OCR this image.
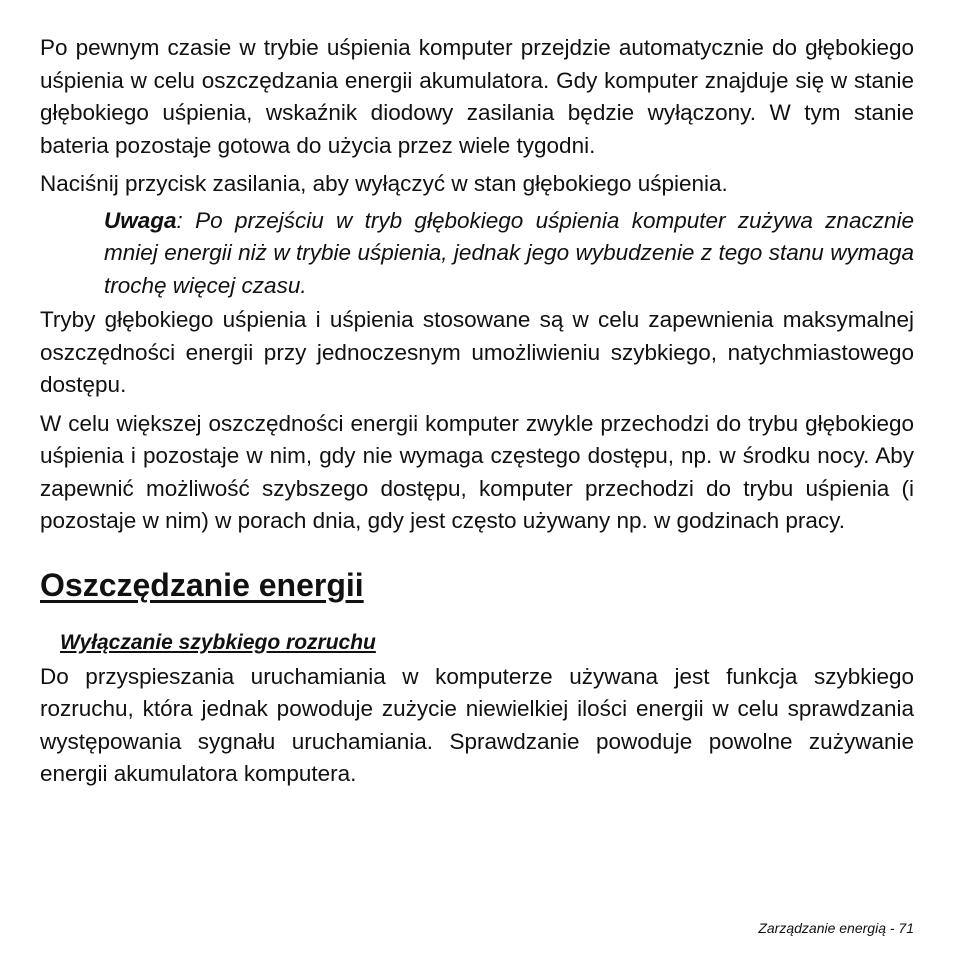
Po pewnym czasie w trybie uśpienia komputer przejdzie automatycznie do głębokiego uśpienia w celu oszczędzania energii akumulatora. Gdy komputer znajduje się w stanie głębokiego uśpienia, wskaźnik diodowy zasilania będzie wyłączony. W tym stanie bateria pozostaje gotowa do użycia przez wiele tygodni.

Naciśnij przycisk zasilania, aby wyłączyć w stan głębokiego uśpienia.

Uwaga: Po przejściu w tryb głębokiego uśpienia komputer zużywa znacznie mniej energii niż w trybie uśpienia, jednak jego wybudzenie z tego stanu wymaga trochę więcej czasu.

Tryby głębokiego uśpienia i uśpienia stosowane są w celu zapewnienia maksymalnej oszczędności energii przy jednoczesnym umożliwieniu szybkiego, natychmiastowego dostępu.

W celu większej oszczędności energii komputer zwykle przechodzi do trybu głębokiego uśpienia i pozostaje w nim, gdy nie wymaga częstego dostępu, np. w środku nocy. Aby zapewnić możliwość szybszego dostępu, komputer przechodzi do trybu uśpienia (i pozostaje w nim) w porach dnia, gdy jest często używany np. w godzinach pracy.

Oszczędzanie energii
Wyłączanie szybkiego rozruchu

Do przyspieszania uruchamiania w komputerze używana jest funkcja szybkiego rozruchu, która jednak powoduje zużycie niewielkiej ilości energii w celu sprawdzania występowania sygnału uruchamiania. Sprawdzanie powoduje powolne zużywanie energii akumulatora komputera.

Zarządzanie energią - 71
